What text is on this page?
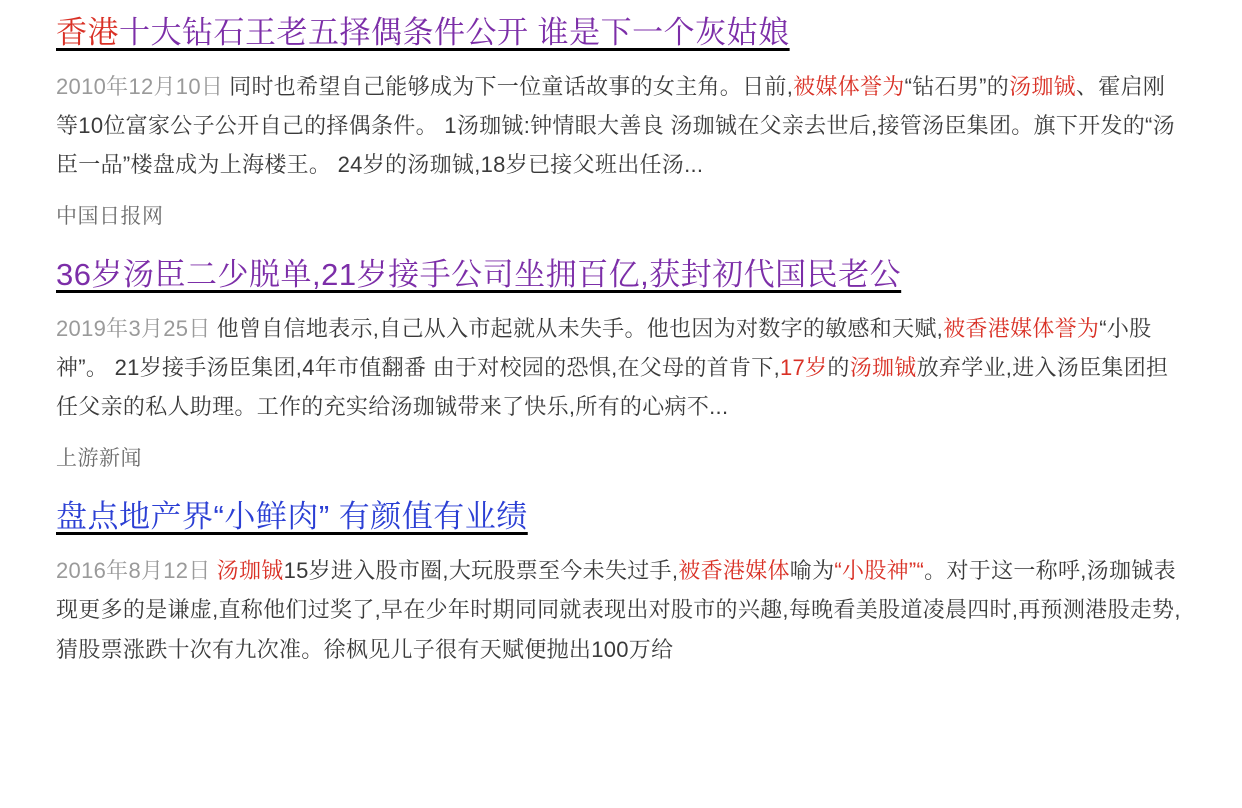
香港十大钻石王老五择偶条件公开 谁是下一个灰姑娘

2010年12月10日 同时也希望自己能够成为下一位童话故事的女主角。日前,被媒体誉为“钻石男”的汤珈铖、霍启刚等10位富家公子公开自己的择偶条件。 1汤珈铖:钟情眼大善良 汤珈铖在父亲去世后,接管汤臣集团。旗下开发的“汤臣一品”楼盘成为上海楼王。 24岁的汤珈铖,18岁已接父班出任汤...

中国日报网
36岁汤臣二少脱单,21岁接手公司坐拥百亿,获封初代国民老公

2019年3月25日 他曾自信地表示,自己从入市起就从未失手。他也因为对数字的敏感和天赋,被香港媒体誉为“小股神”。 21岁接手汤臣集团,4年市值翻番 由于对校园的恐惧,在父母的首肯下,17岁的汤珈铖放弃学业,进入汤臣集团担任父亲的私人助理。工作的充实给汤珈铖带来了快乐,所有的心病不...

上游新闻
盘点地产界“小鲜肉” 有颜值有业绩

2016年8月12日 汤珈铖15岁进入股市圈,大玩股票至今未失过手,被香港媒体喻为“小股神”“。对于这一称呼,汤珈铖表现更多的是谦虚,直称他们过奖了,早在少年时期同同就表现出对股市的兴趣,每晚看美股道凌晨四时,再预测港股走势,猜股票涨跌十次有九次准。徐枫见儿子很有天赋便抛出100万给
